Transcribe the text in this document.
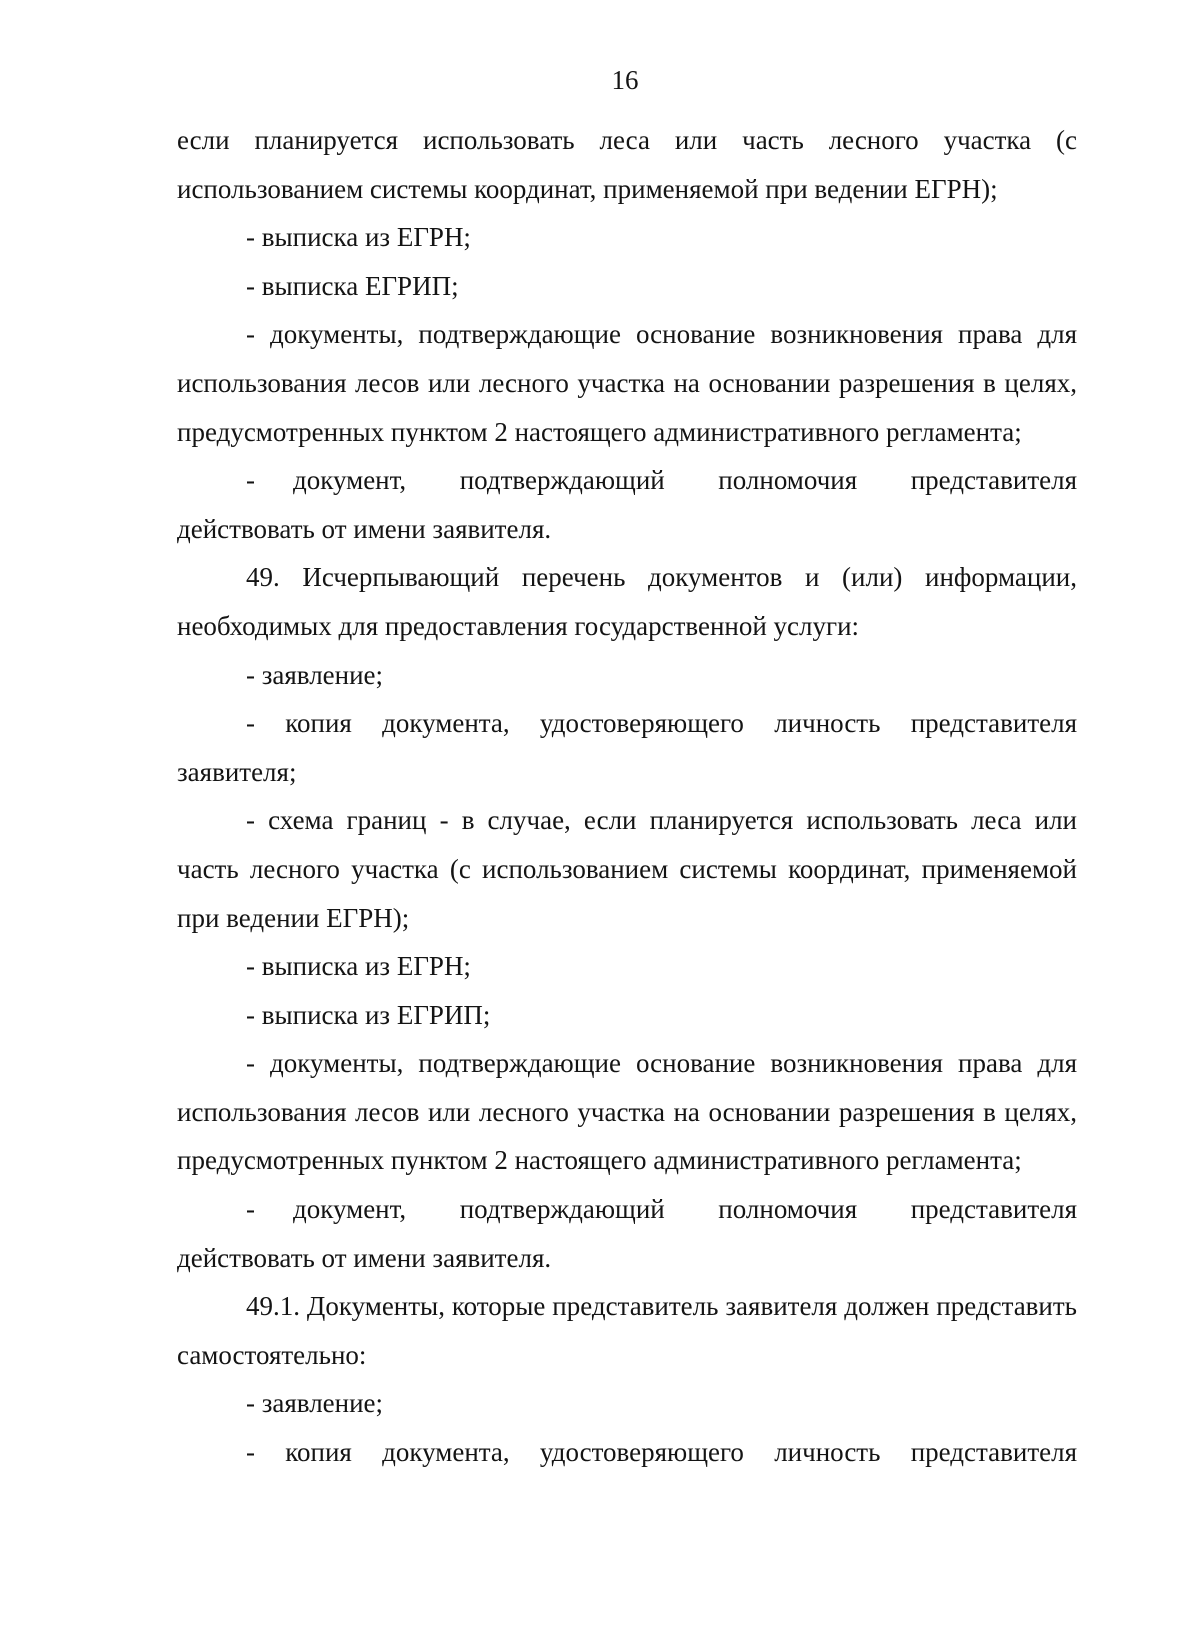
16

если планируется использовать леса или часть лесного участка (с использованием системы координат, применяемой при ведении ЕГРН);

- выписка из ЕГРН;

- выписка ЕГРИП;

- документы, подтверждающие основание возникновения права для использования лесов или лесного участка на основании разрешения в целях, предусмотренных пунктом 2 настоящего административного регламента;

- документ, подтверждающий полномочия представителя действовать от имени заявителя.

49. Исчерпывающий перечень документов и (или) информации, необходимых для предоставления государственной услуги:

- заявление;

- копия документа, удостоверяющего личность представителя заявителя;

- схема границ - в случае, если планируется использовать леса или часть лесного участка (с использованием системы координат, применяемой при ведении ЕГРН);

- выписка из ЕГРН;

- выписка из ЕГРИП;

- документы, подтверждающие основание возникновения права для использования лесов или лесного участка на основании разрешения в целях, предусмотренных пунктом 2 настоящего административного регламента;

- документ, подтверждающий полномочия представителя действовать от имени заявителя.

49.1. Документы, которые представитель заявителя должен представить самостоятельно:

- заявление;

- копия документа, удостоверяющего личность представителя
